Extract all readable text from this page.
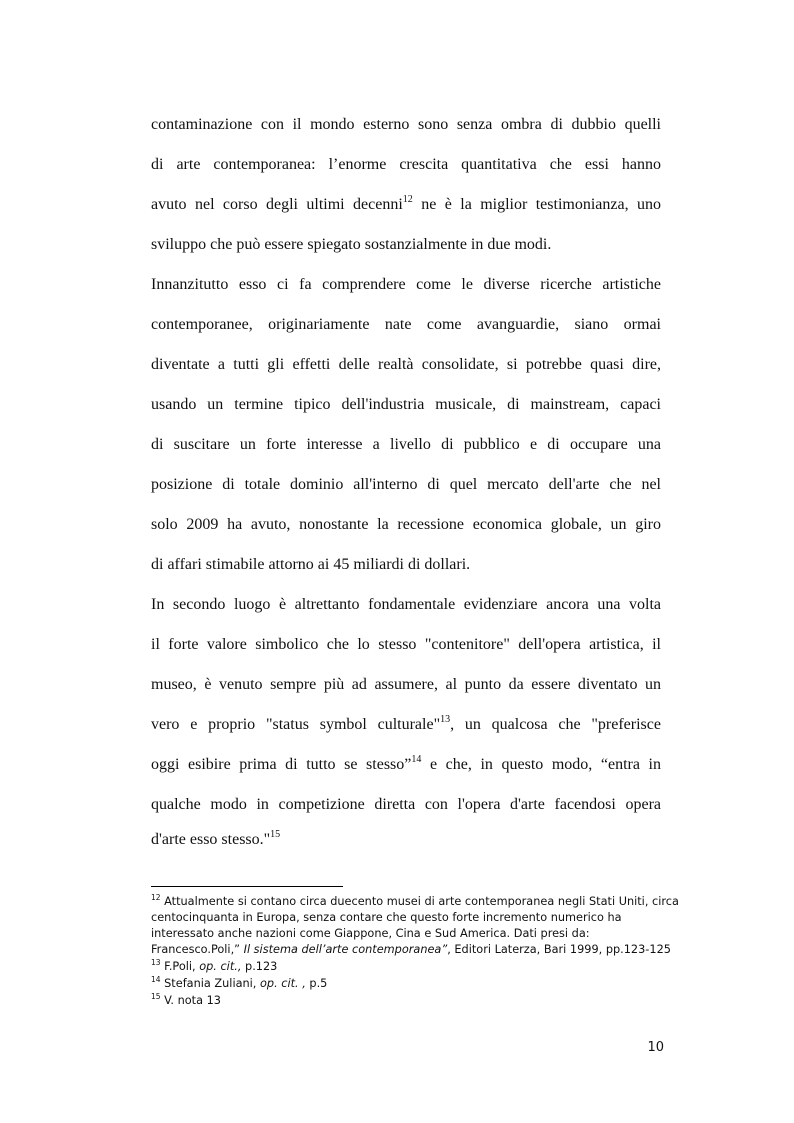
contaminazione con il mondo esterno sono senza ombra di dubbio quelli

di arte contemporanea: l’enorme crescita quantitativa che essi hanno

avuto nel corso degli ultimi decenni$^{12}$ ne è la miglior testimonianza, uno

sviluppo che può essere spiegato sostanzialmente in due modi.

Innanzitutto esso ci fa comprendere come le diverse ricerche artistiche

contemporanee, originariamente nate come avanguardie, siano ormai

diventate a tutti gli effetti delle realtà consolidate, si potrebbe quasi dire,

usando un termine tipico dell'industria musicale, di mainstream, capaci

di suscitare un forte interesse a livello di pubblico e di occupare una

posizione di totale dominio all'interno di quel mercato dell'arte che nel

solo 2009 ha avuto, nonostante la recessione economica globale, un giro

di affari stimabile attorno ai 45 miliardi di dollari.

In secondo luogo è altrettanto fondamentale evidenziare ancora una volta

il forte valore simbolico che lo stesso "contenitore" dell'opera artistica, il

museo, è venuto sempre più ad assumere, al punto da essere diventato un

vero e proprio "status symbol culturale"$^{13}$, un qualcosa che "preferisce

oggi esibire prima di tutto se stesso”$^{14}$ e che, in questo modo, “entra in

qualche modo in competizione diretta con l'opera d'arte facendosi opera

d'arte esso stesso."$^{15}$

$^{12}$ Attualmente si contano circa duecento musei di arte contemporanea negli Stati Uniti, circa

centocinquanta in Europa, senza contare che questo forte incremento numerico ha

interessato anche nazioni come Giappone, Cina e Sud America. Dati presi da:

Francesco.Poli,” Il sistema dell’arte contemporanea”, Editori Laterza, Bari 1999, pp.123-125

$^{13}$ F.Poli, op. cit., p.123

$^{14}$ Stefania Zuliani, op. cit. , p.5

$^{15}$ V. nota 13

10
